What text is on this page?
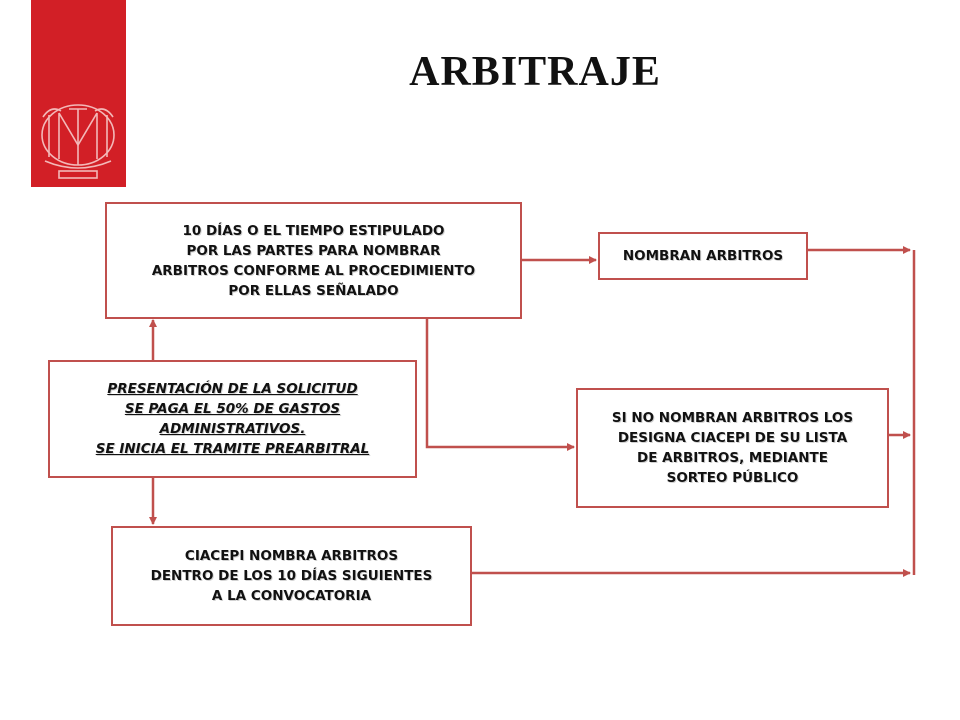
ARBITRAJE
10 DÍAS O EL TIEMPO ESTIPULADO
POR LAS PARTES PARA NOMBRAR
ARBITROS CONFORME AL PROCEDIMIENTO
POR ELLAS SEÑALADO
NOMBRAN ARBITROS
PRESENTACIÓN DE LA SOLICITUD
SE PAGA EL 50% DE GASTOS
ADMINISTRATIVOS.
SE INICIA EL TRAMITE PREARBITRAL
SI NO NOMBRAN ARBITROS LOS
DESIGNA CIACEPI DE SU LISTA
DE ARBITROS, MEDIANTE
SORTEO PÚBLICO
CIACEPI NOMBRA ARBITROS
DENTRO DE LOS 10 DÍAS SIGUIENTES
A LA CONVOCATORIA
